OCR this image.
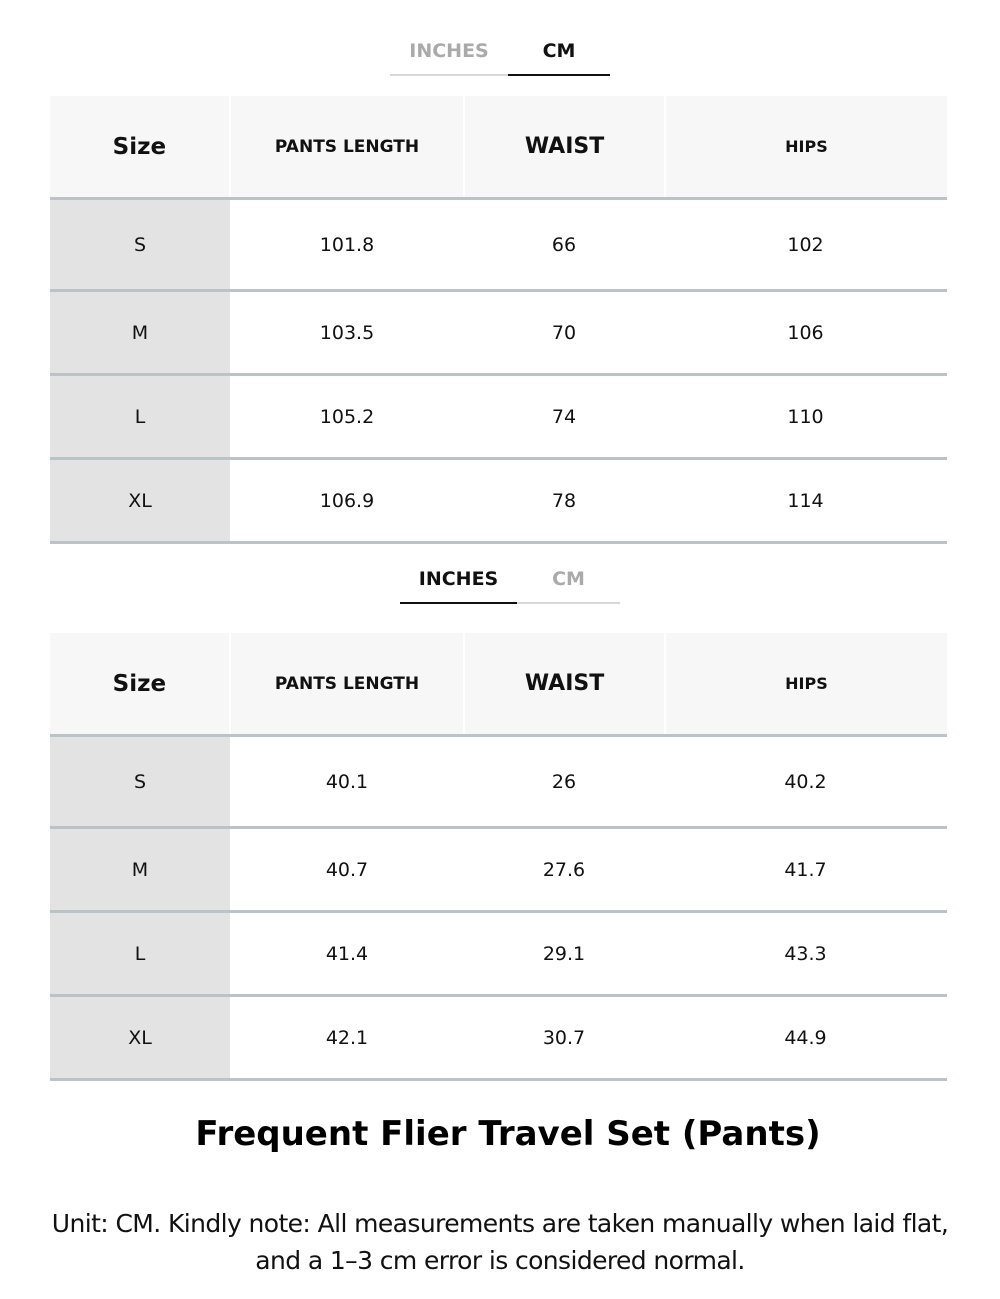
INCHES	CM
Size	PANTS LENGTH	WAIST	HIPS
S	101.8	66	102
M	103.5	70	106
L	105.2	74	110
XL	106.9	78	114
INCHES	CM
Size	PANTS LENGTH	WAIST	HIPS
S	40.1	26	40.2
M	40.7	27.6	41.7
L	41.4	29.1	43.3
XL	42.1	30.7	44.9
Frequent Flier Travel Set (Pants)
Unit: CM. Kindly note: All measurements are taken manually when laid flat, and a 1–3 cm error is considered normal.
